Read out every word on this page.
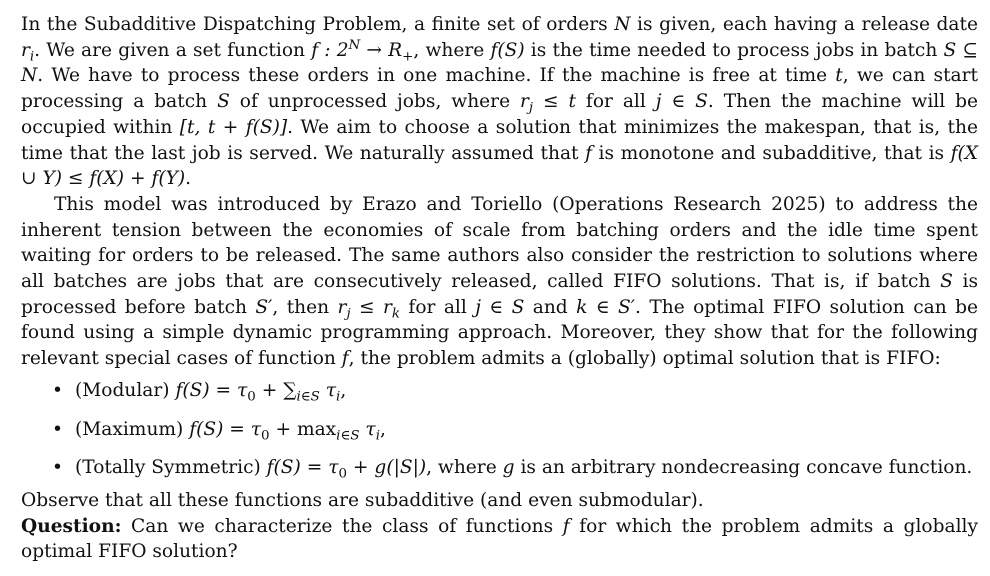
In the Subadditive Dispatching Problem, a finite set of orders N is given, each having a release date $r_i$. We are given a set function f : $2^N \to R_+$, where f(S) is the time needed to process jobs in batch S ⊆ N. We have to process these orders in one machine. If the machine is free at time t, we can start processing a batch S of unprocessed jobs, where $r_j \le t$ for all j ∈ S. Then the machine will be occupied within [t, t + f(S)]. We aim to choose a solution that minimizes the makespan, that is, the time that the last job is served. We naturally assumed that f is monotone and subadditive, that is f(X ∪ Y) ≤ f(X) + f(Y).

This model was introduced by Erazo and Toriello (Operations Research 2025) to address the inherent tension between the economies of scale from batching orders and the idle time spent waiting for orders to be released. The same authors also consider the restriction to solutions where all batches are jobs that are consecutively released, called FIFO solutions. That is, if batch S is processed before batch S′, then $r_j \le r_k$ for all j ∈ S and k ∈ S′. The optimal FIFO solution can be found using a simple dynamic programming approach. Moreover, they show that for the following relevant special cases of function f, the problem admits a (globally) optimal solution that is FIFO:

• (Modular) $f(S) = \tau_0 + \sum_{i\in S}$ $\tau_i$,
• (Maximum) $f(S) = \tau_0 + \max_{i\in S} \tau_i$,
• (Totally Symmetric) $f(S) = \tau_0 + g(|S|)$, where g is an arbitrary nondecreasing concave function.

Observe that all these functions are subadditive (and even submodular).

Question: Can we characterize the class of functions f for which the problem admits a globally optimal FIFO solution?
